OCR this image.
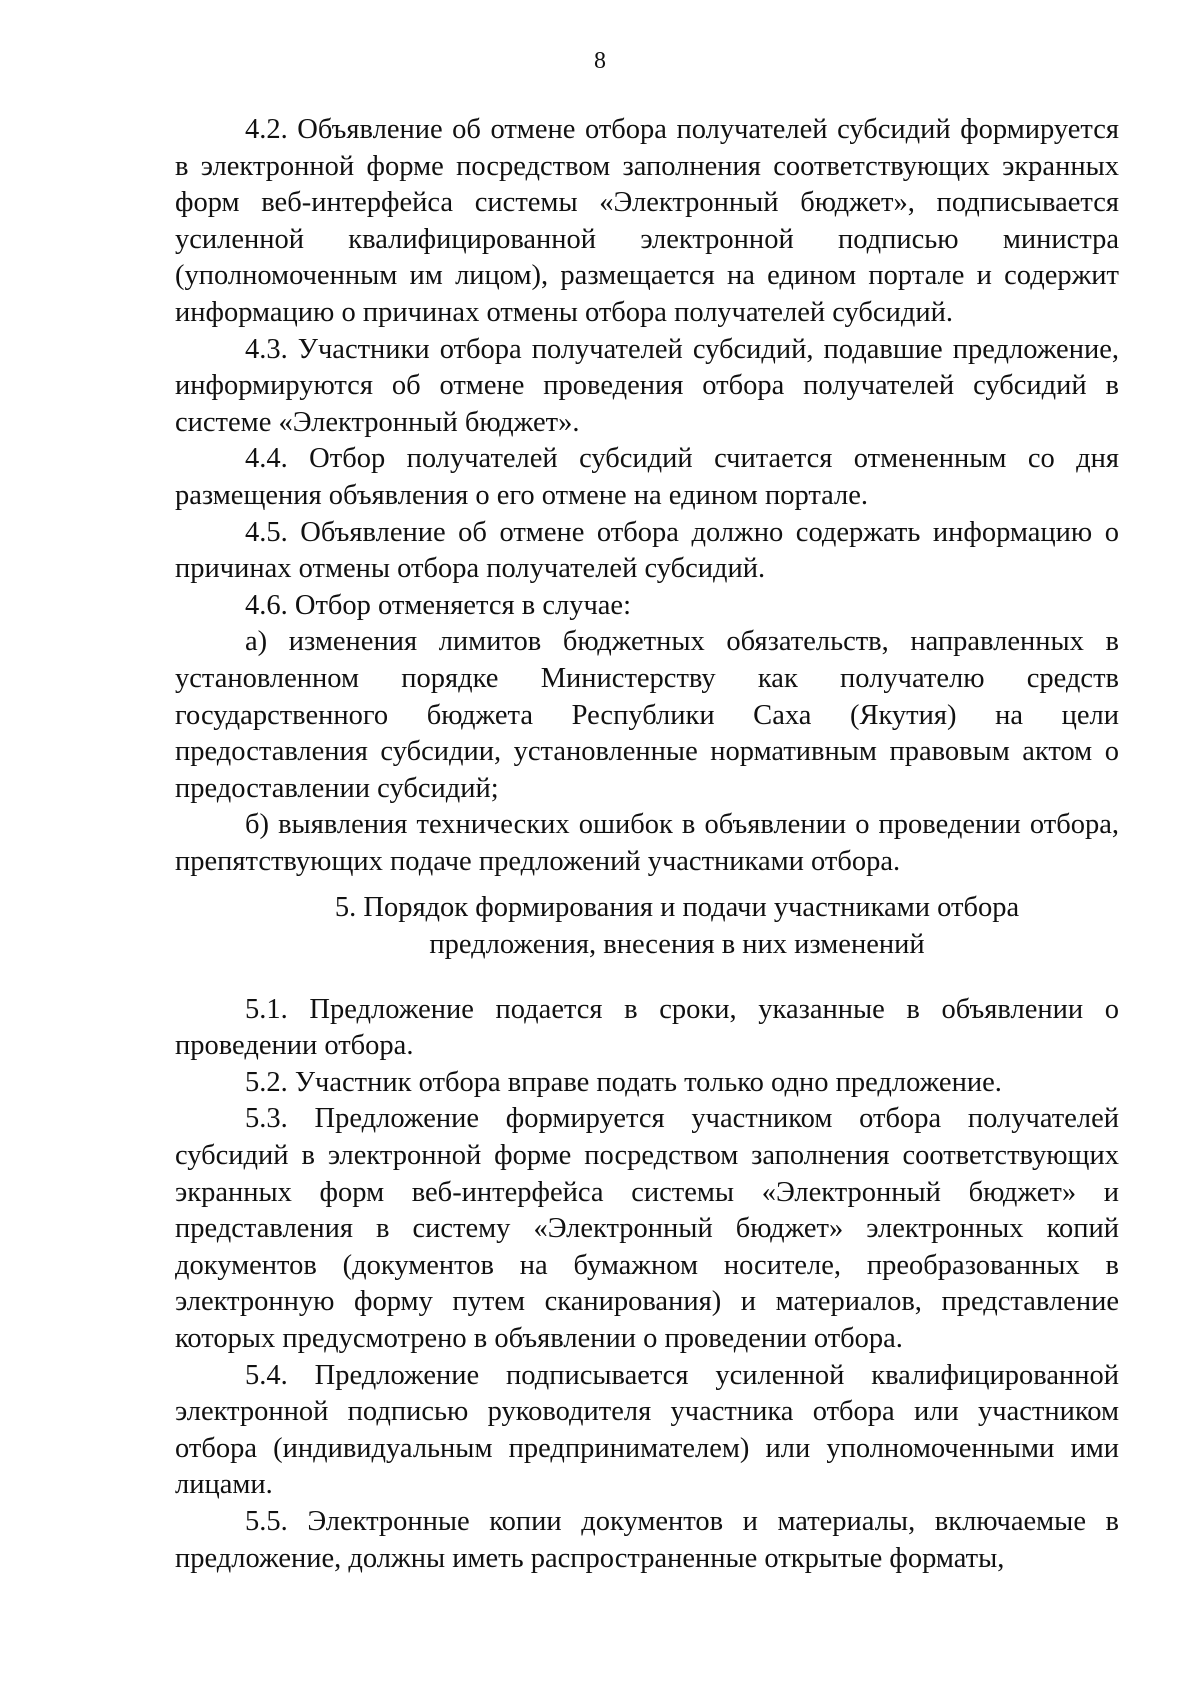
8

4.2. Объявление об отмене отбора получателей субсидий формируется в электронной форме посредством заполнения соответствующих экранных форм веб-интерфейса системы «Электронный бюджет», подписывается усиленной квалифицированной электронной подписью министра (уполномоченным им лицом), размещается на едином портале и содержит информацию о причинах отмены отбора получателей субсидий.

4.3. Участники отбора получателей субсидий, подавшие предложение, информируются об отмене проведения отбора получателей субсидий в системе «Электронный бюджет».

4.4. Отбор получателей субсидий считается отмененным со дня размещения объявления о его отмене на едином портале.

4.5. Объявление об отмене отбора должно содержать информацию о причинах отмены отбора получателей субсидий.

4.6. Отбор отменяется в случае:

а) изменения лимитов бюджетных обязательств, направленных в установленном порядке Министерству как получателю средств государственного бюджета Республики Саха (Якутия) на цели предоставления субсидии, установленные нормативным правовым актом о предоставлении субсидий;

б) выявления технических ошибок в объявлении о проведении отбора, препятствующих подаче предложений участниками отбора.

5. Порядок формирования и подачи участниками отбора
предложения, внесения в них изменений

5.1. Предложение подается в сроки, указанные в объявлении о проведении отбора.

5.2. Участник отбора вправе подать только одно предложение.

5.3. Предложение формируется участником отбора получателей субсидий в электронной форме посредством заполнения соответствующих экранных форм веб-интерфейса системы «Электронный бюджет» и представления в систему «Электронный бюджет» электронных копий документов (документов на бумажном носителе, преобразованных в электронную форму путем сканирования) и материалов, представление которых предусмотрено в объявлении о проведении отбора.

5.4. Предложение подписывается усиленной квалифицированной электронной подписью руководителя участника отбора или участником отбора (индивидуальным предпринимателем) или уполномоченными ими лицами.

5.5. Электронные копии документов и материалы, включаемые в предложение, должны иметь распространенные открытые форматы,
